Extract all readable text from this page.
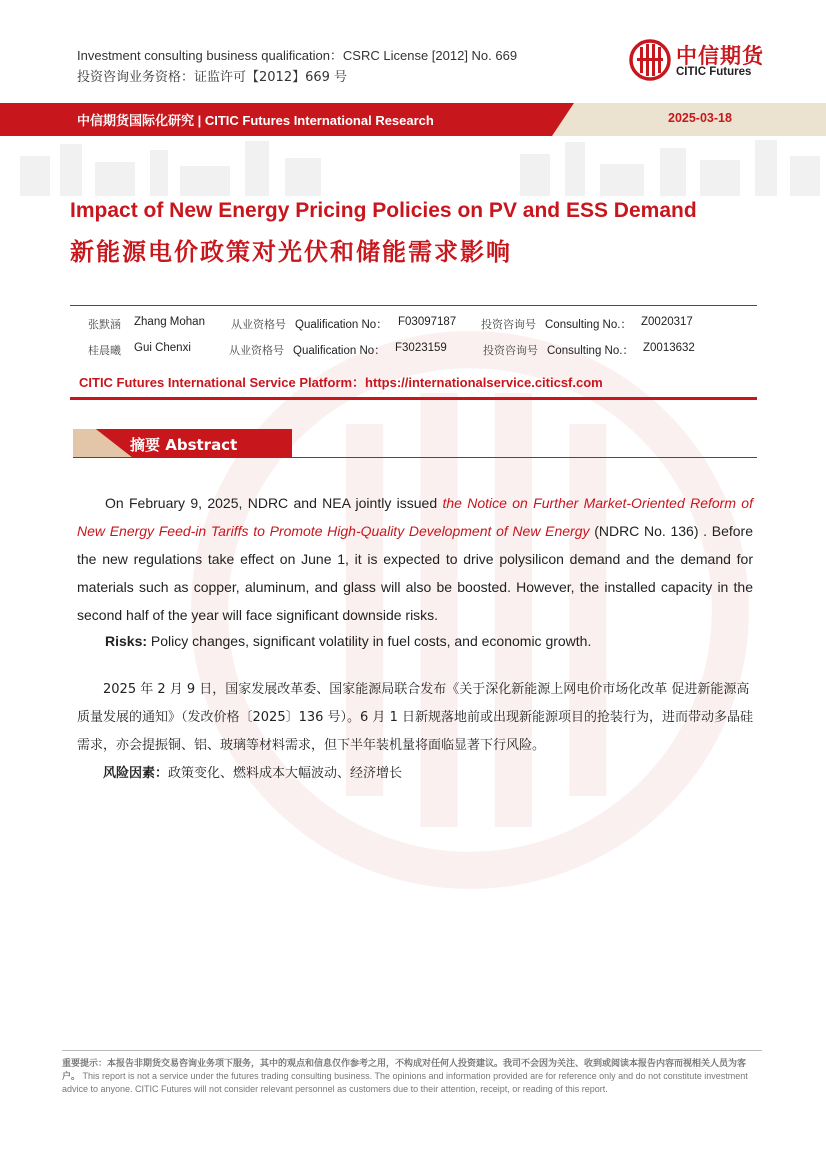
Investment consulting business qualification：CSRC License [2012] No. 669
投资咨询业务资格：证监许可【2012】669 号
中信期货
CITIC Futures
中信期货国际化研究 | CITIC Futures International Research	2025-03-18
Impact of New Energy Pricing Policies on PV and ESS Demand
新能源电价政策对光伏和储能需求影响
张默涵 Zhang Mohan 从业资格号 Qualification No： F03097187 投资咨询号 Consulting No.： Z0020317
桂晨曦 Gui Chenxi	从业资格号 Qualification No： F3023159	投资咨询号 Consulting No.： Z0013632
CITIC Futures International Service Platform：https://internationalservice.citicsf.com
摘要 Abstract
On February 9, 2025, NDRC and NEA jointly issued the Notice on Further Market-Oriented Reform of New Energy Feed-in Tariffs to Promote High-Quality Development of New Energy (NDRC No. 136) . Before the new regulations take effect on June 1, it is expected to drive polysilicon demand and the demand for materials such as copper, aluminum, and glass will also be boosted. However, the installed capacity in the second half of the year will face significant downside risks.
Risks: Policy changes, significant volatility in fuel costs, and economic growth.
2025 年 2 月 9 日，国家发展改革委、国家能源局联合发布《关于深化新能源上网电价市场化改革 促进新能源高质量发展的通知》（发改价格〔2025〕136 号）。6 月 1 日新规落地前或出现新能源项目的抢装行为，进而带动多晶硅需求，亦会提振铜、铝、玻璃等材料需求，但下半年装机量将面临显著下行风险。
风险因素：政策变化、燃料成本大幅波动、经济增长
重要提示：本报告非期货交易咨询业务项下服务，其中的观点和信息仅作参考之用，不构成对任何人投资建议。我司不会因为关注、收到或阅读本报告内容而视相关人员为客户。 This report is not a service under the futures trading consulting business. The opinions and information provided are for reference only and do not constitute investment advice to anyone. CITIC Futures will not consider relevant personnel as customers due to their attention, receipt, or reading of this report.
